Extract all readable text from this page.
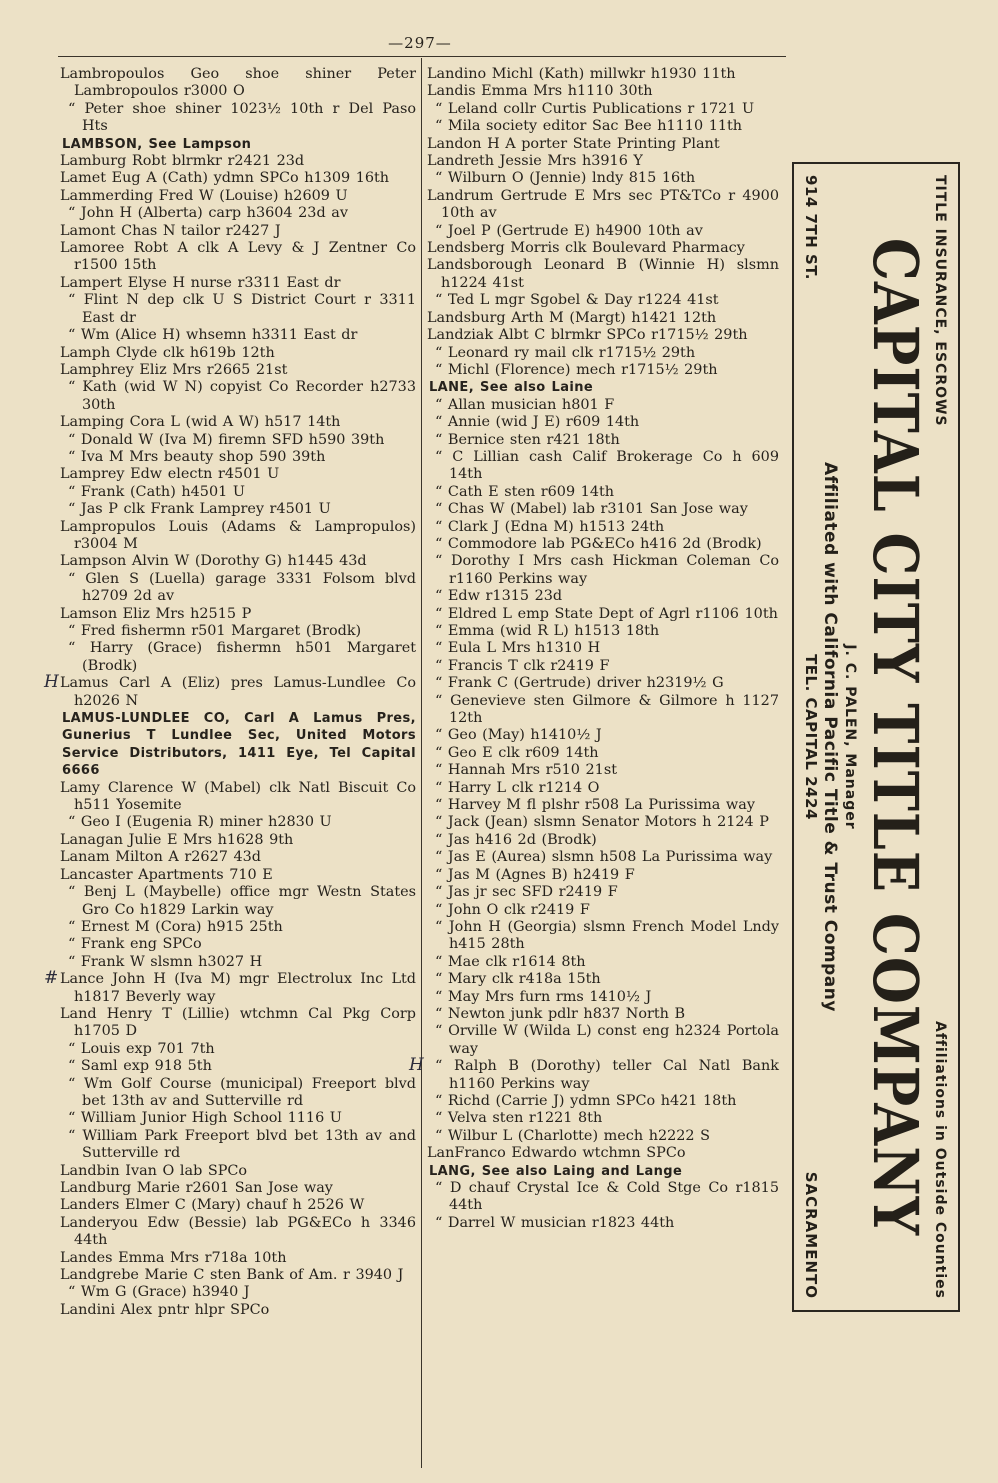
—297—
Lambropoulos Geo shoe shiner Peter Lambropoulos r3000 O
“ Peter shoe shiner 1023½ 10th r Del Paso Hts
LAMBSON, See Lampson
Lamburg Robt blrmkr r2421 23d
Lamet Eug A (Cath) ydmn SPCo h1309 16th
Lammerding Fred W (Louise) h2609 U
“ John H (Alberta) carp h3604 23d av
Lamont Chas N tailor r2427 J
Lamoree Robt A clk A Levy & J Zentner Co r1500 15th
Lampert Elyse H nurse r3311 East dr
“ Flint N dep clk U S District Court r 3311 East dr
“ Wm (Alice H) whsemn h3311 East dr
Lamph Clyde clk h619b 12th
Lamphrey Eliz Mrs r2665 21st
“ Kath (wid W N) copyist Co Recorder h2733 30th
Lamping Cora L (wid A W) h517 14th
“ Donald W (Iva M) firemn SFD h590 39th
“ Iva M Mrs beauty shop 590 39th
Lamprey Edw electn r4501 U
“ Frank (Cath) h4501 U
“ Jas P clk Frank Lamprey r4501 U
Lampropulos Louis (Adams & Lampropulos) r3004 M
Lampson Alvin W (Dorothy G) h1445 43d
“ Glen S (Luella) garage 3331 Folsom blvd h2709 2d av
Lamson Eliz Mrs h2515 P
“ Fred fishermn r501 Margaret (Brodk)
“ Harry (Grace) fishermn h501 Margaret (Brodk)
Lamus Carl A (Eliz) pres Lamus-Lundlee Co h2026 N
H
LAMUS-LUNDLEE CO, Carl A Lamus Pres, Gunerius T Lundlee Sec, United Motors Service Distributors, 1411 Eye, Tel Capital 6666
Lamy Clarence W (Mabel) clk Natl Biscuit Co h511 Yosemite
“ Geo I (Eugenia R) miner h2830 U
Lanagan Julie E Mrs h1628 9th
Lanam Milton A r2627 43d
Lancaster Apartments 710 E
“ Benj L (Maybelle) office mgr Westn States Gro Co h1829 Larkin way
“ Ernest M (Cora) h915 25th
“ Frank eng SPCo
“ Frank W slsmn h3027 H
Lance John H (Iva M) mgr Electrolux Inc Ltd h1817 Beverly way
#
Land Henry T (Lillie) wtchmn Cal Pkg Corp h1705 D
“ Louis exp 701 7th
“ Saml exp 918 5th
“ Wm Golf Course (municipal) Freeport blvd bet 13th av and Sutterville rd
“ William Junior High School 1116 U
“ William Park Freeport blvd bet 13th av and Sutterville rd
Landbin Ivan O lab SPCo
Landburg Marie r2601 San Jose way
Landers Elmer C (Mary) chauf h 2526 W
Landeryou Edw (Bessie) lab PG&ECo h 3346 44th
Landes Emma Mrs r718a 10th
Landgrebe Marie C sten Bank of Am. r 3940 J
“ Wm G (Grace) h3940 J
Landini Alex pntr hlpr SPCo
Landino Michl (Kath) millwkr h1930 11th
Landis Emma Mrs h1110 30th
“ Leland collr Curtis Publications r 1721 U
“ Mila society editor Sac Bee h1110 11th
Landon H A porter State Printing Plant
Landreth Jessie Mrs h3916 Y
“ Wilburn O (Jennie) lndy 815 16th
Landrum Gertrude E Mrs sec PT&TCo r 4900 10th av
“ Joel P (Gertrude E) h4900 10th av
Lendsberg Morris clk Boulevard Pharmacy
Landsborough Leonard B (Winnie H) slsmn h1224 41st
“ Ted L mgr Sgobel & Day r1224 41st
Landsburg Arth M (Margt) h1421 12th
Landziak Albt C blrmkr SPCo r1715½ 29th
“ Leonard ry mail clk r1715½ 29th
“ Michl (Florence) mech r1715½ 29th
LANE, See also Laine
“ Allan musician h801 F
“ Annie (wid J E) r609 14th
“ Bernice sten r421 18th
“ C Lillian cash Calif Brokerage Co h 609 14th
“ Cath E sten r609 14th
“ Chas W (Mabel) lab r3101 San Jose way
“ Clark J (Edna M) h1513 24th
“ Commodore lab PG&ECo h416 2d (Brodk)
“ Dorothy I Mrs cash Hickman Coleman Co r1160 Perkins way
“ Edw r1315 23d
“ Eldred L emp State Dept of Agrl r1106 10th
“ Emma (wid R L) h1513 18th
“ Eula L Mrs h1310 H
“ Francis T clk r2419 F
“ Frank C (Gertrude) driver h2319½ G
“ Genevieve sten Gilmore & Gilmore h 1127 12th
“ Geo (May) h1410½ J
“ Geo E clk r609 14th
“ Hannah Mrs r510 21st
“ Harry L clk r1214 O
“ Harvey M fl plshr r508 La Purissima way
“ Jack (Jean) slsmn Senator Motors h 2124 P
“ Jas h416 2d (Brodk)
“ Jas E (Aurea) slsmn h508 La Purissima way
“ Jas M (Agnes B) h2419 F
“ Jas jr sec SFD r2419 F
“ John O clk r2419 F
“ John H (Georgia) slsmn French Model Lndy h415 28th
“ Mae clk r1614 8th
“ Mary clk r418a 15th
“ May Mrs furn rms 1410½ J
“ Newton junk pdlr h837 North B
“ Orville W (Wilda L) const eng h2324 Portola way
“ Ralph B (Dorothy) teller Cal Natl Bank h1160 Perkins way
H
“ Richd (Carrie J) ydmn SPCo h421 18th
“ Velva sten r1221 8th
“ Wilbur L (Charlotte) mech h2222 S
LanFranco Edwardo wtchmn SPCo
LANG, See also Laing and Lange
“ D chauf Crystal Ice & Cold Stge Co r1815 44th
“ Darrel W musician r1823 44th
TITLE INSURANCE, ESCROWS
Affiliations in Outside Counties
CAPITAL CITY TITLE COMPANY
J. C. PALEN, Manager
Affiliated with California Pacific Title & Trust Company
914 7TH ST.
TEL. CAPITAL 2424
SACRAMENTO
